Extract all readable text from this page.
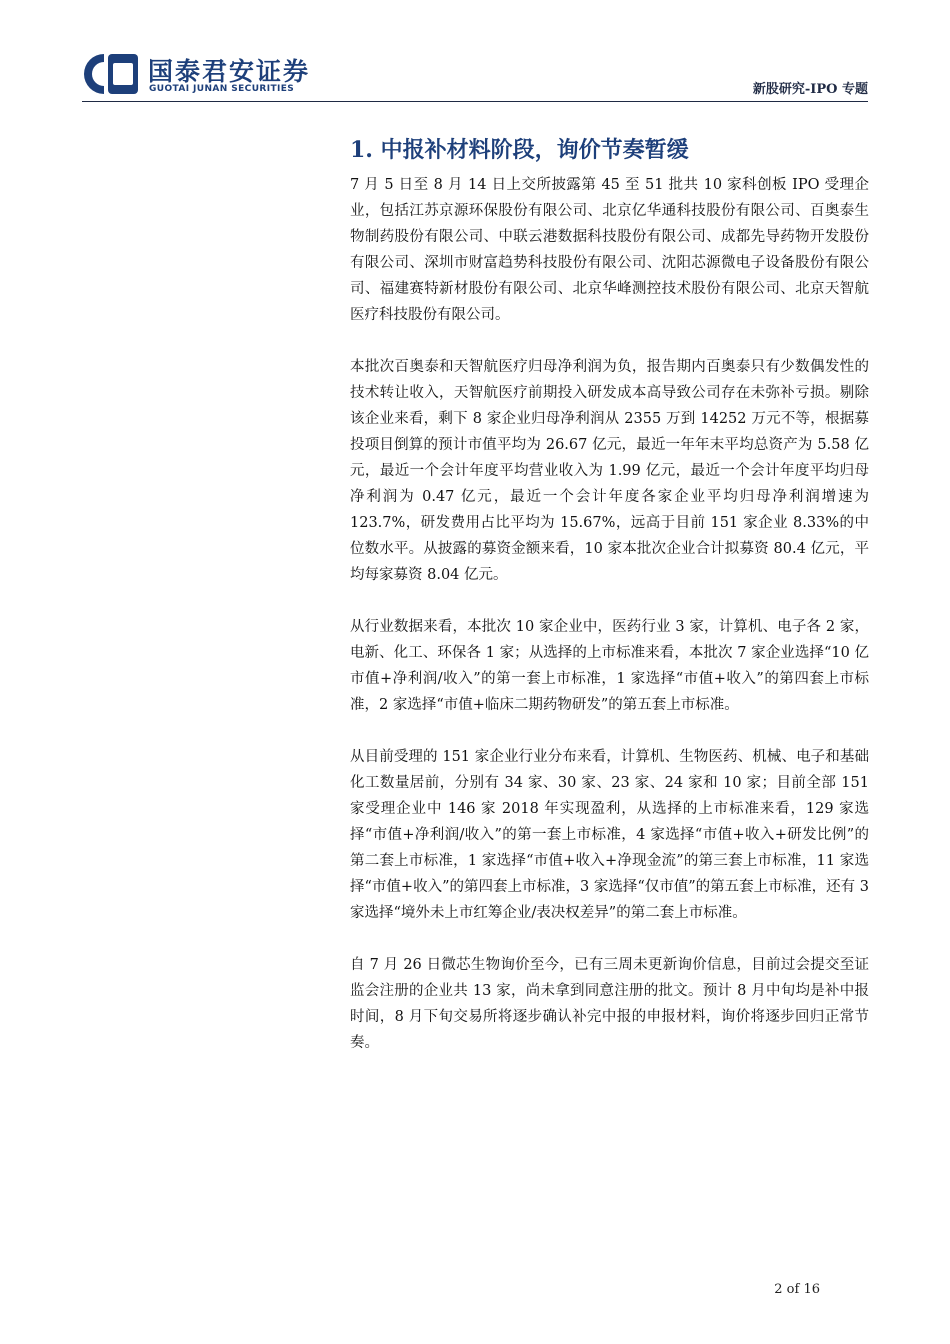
国泰君安证券
GUOTAI JUNAN SECURITIES	新股研究-IPO 专题
1. 中报补材料阶段，询价节奏暂缓

7 月 5 日至 8 月 14 日上交所披露第 45 至 51 批共 10 家科创板 IPO 受理企业，包括江苏京源环保股份有限公司、北京亿华通科技股份有限公司、百奥泰生物制药股份有限公司、中联云港数据科技股份有限公司、成都先导药物开发股份有限公司、深圳市财富趋势科技股份有限公司、沈阳芯源微电子设备股份有限公司、福建赛特新材股份有限公司、北京华峰测控技术股份有限公司、北京天智航医疗科技股份有限公司。

本批次百奥泰和天智航医疗归母净利润为负，报告期内百奥泰只有少数偶发性的技术转让收入，天智航医疗前期投入研发成本高导致公司存在未弥补亏损。剔除该企业来看，剩下 8 家企业归母净利润从 2355 万到 14252 万元不等，根据募投项目倒算的预计市值平均为 26.67 亿元，最近一年年末平均总资产为 5.58 亿元，最近一个会计年度平均营业收入为 1.99 亿元，最近一个会计年度平均归母净利润为 0.47 亿元，最近一个会计年度各家企业平均归母净利润增速为 123.7%，研发费用占比平均为 15.67%，远高于目前 151 家企业 8.33%的中位数水平。从披露的募资金额来看，10 家本批次企业合计拟募资 80.4 亿元，平均每家募资 8.04 亿元。

从行业数据来看，本批次 10 家企业中，医药行业 3 家，计算机、电子各 2 家，电新、化工、环保各 1 家；从选择的上市标准来看，本批次 7 家企业选择“10 亿市值+净利润/收入”的第一套上市标准，1 家选择“市值+收入”的第四套上市标准，2 家选择“市值+临床二期药物研发”的第五套上市标准。

从目前受理的 151 家企业行业分布来看，计算机、生物医药、机械、电子和基础化工数量居前，分别有 34 家、30 家、23 家、24 家和 10 家；目前全部 151 家受理企业中 146 家 2018 年实现盈利，从选择的上市标准来看，129 家选择“市值+净利润/收入”的第一套上市标准，4 家选择“市值+收入+研发比例”的第二套上市标准，1 家选择“市值+收入+净现金流”的第三套上市标准，11 家选择“市值+收入”的第四套上市标准，3 家选择“仅市值”的第五套上市标准，还有 3 家选择“境外未上市红筹企业/表决权差异”的第二套上市标准。

自 7 月 26 日微芯生物询价至今，已有三周未更新询价信息，目前过会提交至证监会注册的企业共 13 家，尚未拿到同意注册的批文。预计 8 月中旬均是补中报时间，8 月下旬交易所将逐步确认补完中报的申报材料，询价将逐步回归正常节奏。

2 of 16
